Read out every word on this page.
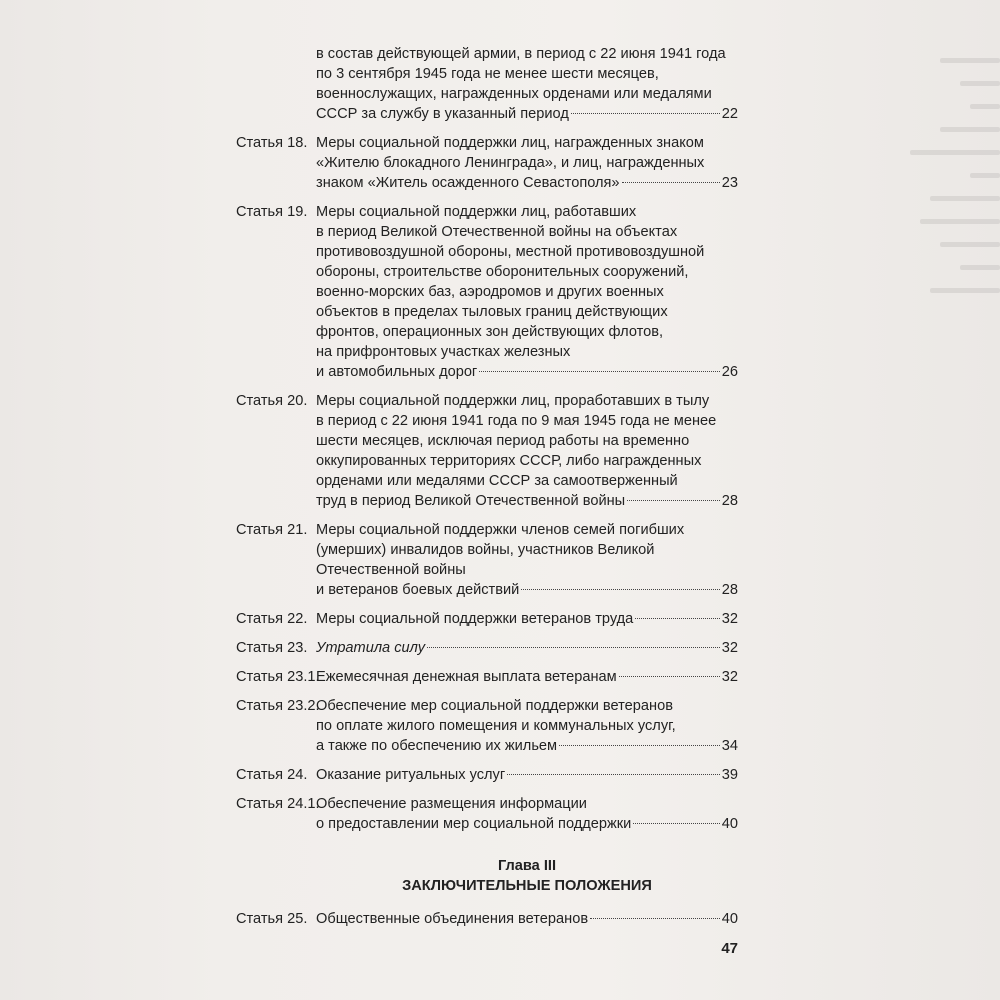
в состав действующей армии, в период с 22 июня 1941 года
по 3 сентября 1945 года не менее шести месяцев,
военнослужащих, награжденных орденами или медалями
СССР за службу в указанный период	22
Статья 18. Меры социальной поддержки лиц, награжденных знаком
«Жителю блокадного Ленинграда», и лиц, награжденных
знаком «Житель осажденного Севастополя»	23
Статья 19. Меры социальной поддержки лиц, работавших
в период Великой Отечественной войны на объектах
противовоздушной обороны, местной противовоздушной
обороны, строительстве оборонительных сооружений,
военно-морских баз, аэродромов и других военных
объектов в пределах тыловых границ действующих
фронтов, операционных зон действующих флотов,
на прифронтовых участках железных
и автомобильных дорог	26
Статья 20. Меры социальной поддержки лиц, проработавших в тылу
в период с 22 июня 1941 года по 9 мая 1945 года не менее
шести месяцев, исключая период работы на временно
оккупированных территориях СССР, либо награжденных
орденами или медалями СССР за самоотверженный
труд в период Великой Отечественной войны	28
Статья 21. Меры социальной поддержки членов семей погибших
(умерших) инвалидов войны, участников Великой
Отечественной войны
и ветеранов боевых действий	28
Статья 22. Меры социальной поддержки ветеранов труда	32
Статья 23. Утратила силу	32
Статья 23.1.
Ежемесячная денежная выплата ветеранам	32
Статья 23.2.
Обеспечение мер социальной поддержки ветеранов
по оплате жилого помещения и коммунальных услуг,
а также по обеспечению их жильем	34
Статья 24. Оказание ритуальных услуг	39
Статья 24.1.
Обеспечение размещения информации
о предоставлении мер социальной поддержки	40
Глава III
ЗАКЛЮЧИТЕЛЬНЫЕ ПОЛОЖЕНИЯ
Статья 25. Общественные объединения ветеранов	40
47
